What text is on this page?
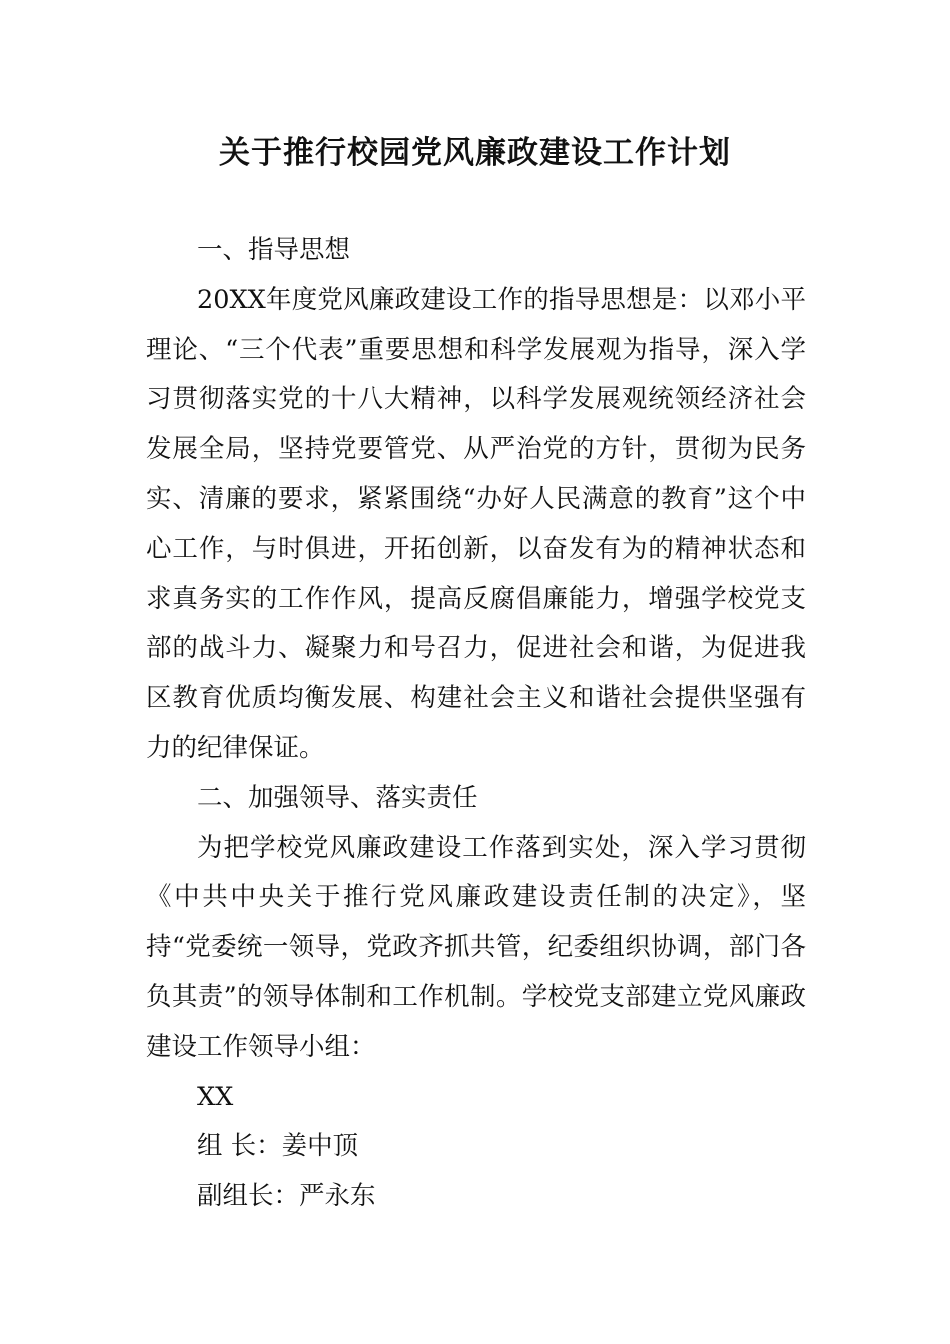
关于推行校园党风廉政建设工作计划

一、指导思想

20XX年度党风廉政建设工作的指导思想是：以邓小平理论、“三个代表”重要思想和科学发展观为指导，深入学习贯彻落实党的十八大精神，以科学发展观统领经济社会发展全局，坚持党要管党、从严治党的方针，贯彻为民务实、清廉的要求，紧紧围绕“办好人民满意的教育”这个中心工作，与时俱进，开拓创新，以奋发有为的精神状态和求真务实的工作作风，提高反腐倡廉能力，增强学校党支部的战斗力、凝聚力和号召力，促进社会和谐，为促进我区教育优质均衡发展、构建社会主义和谐社会提供坚强有力的纪律保证。

二、加强领导、落实责任

为把学校党风廉政建设工作落到实处，深入学习贯彻《中共中央关于推行党风廉政建设责任制的决定》，坚持“党委统一领导，党政齐抓共管，纪委组织协调，部门各负其责”的领导体制和工作机制。学校党支部建立党风廉政建设工作领导小组：

XX

组 长：姜中顶

副组长：严永东
